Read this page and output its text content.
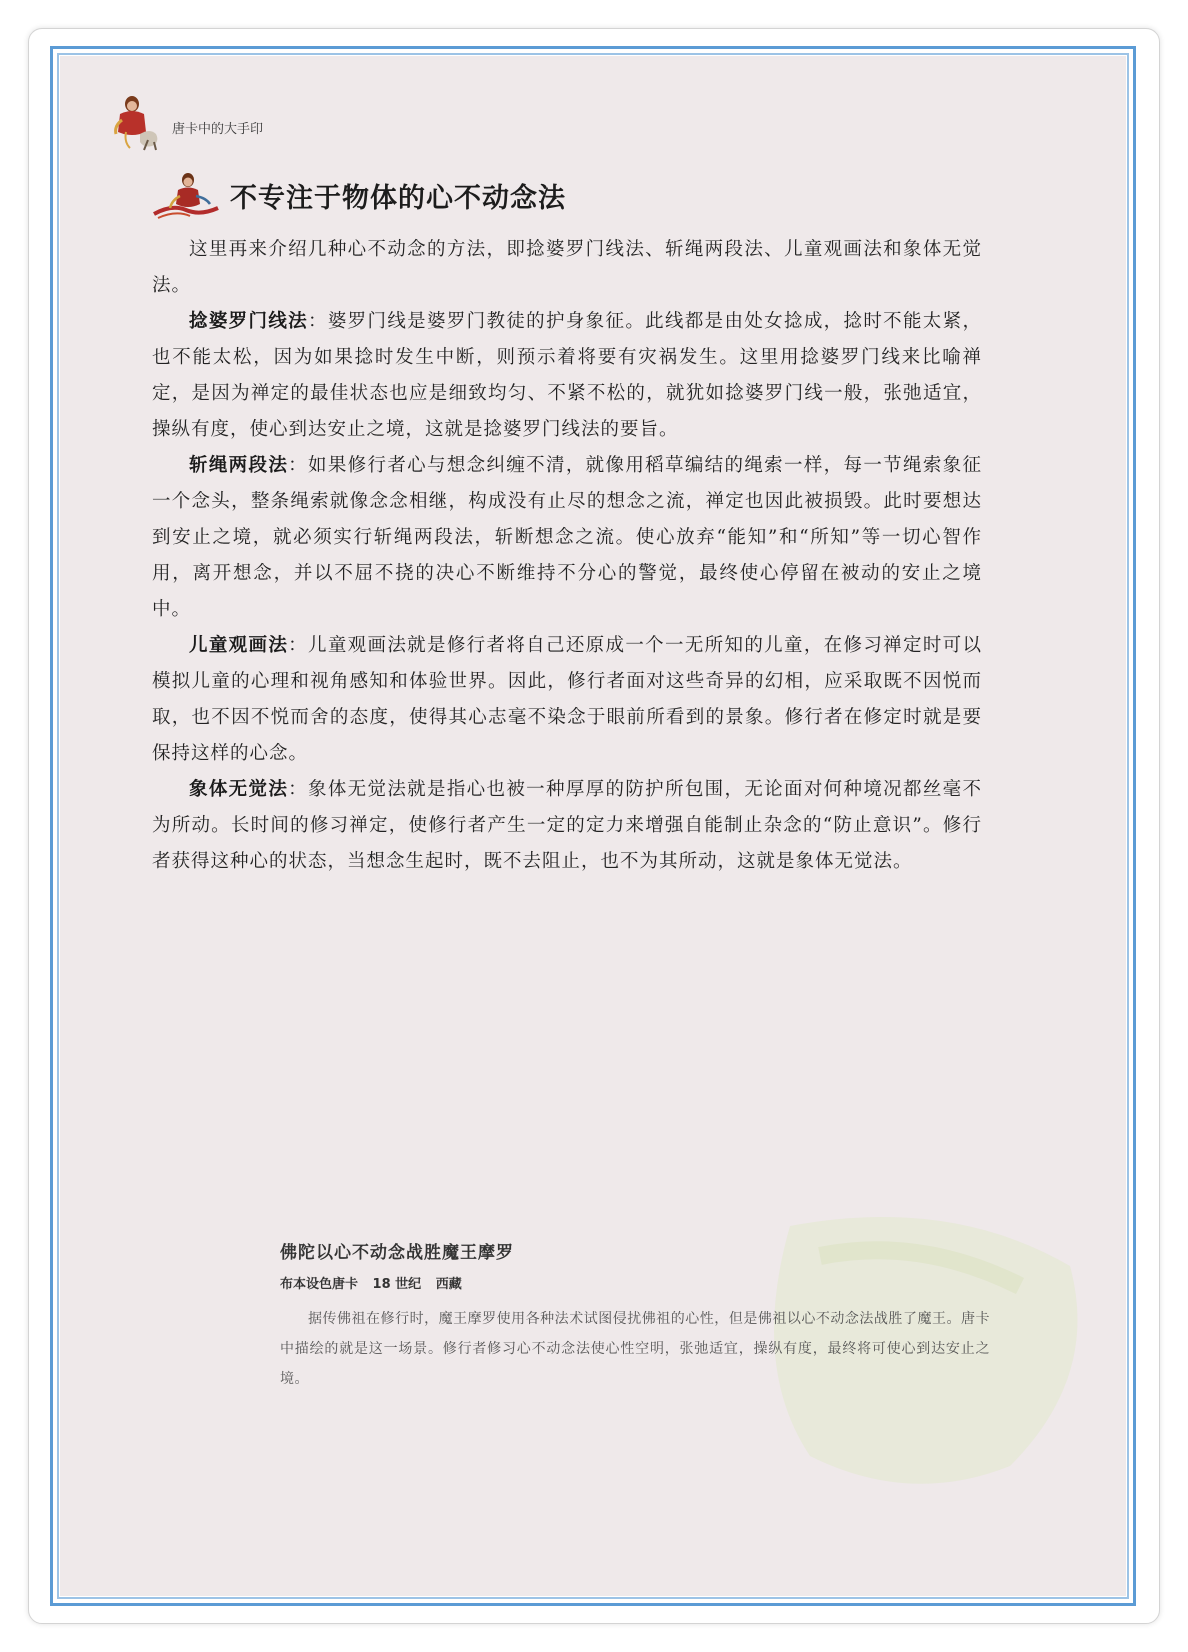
唐卡中的大手印
不专注于物体的心不动念法

这里再来介绍几种心不动念的方法，即捻婆罗门线法、斩绳两段法、儿童观画法和象体无觉法。

捻婆罗门线法：婆罗门线是婆罗门教徒的护身象征。此线都是由处女捻成，捻时不能太紧，也不能太松，因为如果捻时发生中断，则预示着将要有灾祸发生。这里用捻婆罗门线来比喻禅定，是因为禅定的最佳状态也应是细致均匀、不紧不松的，就犹如捻婆罗门线一般，张弛适宜，操纵有度，使心到达安止之境，这就是捻婆罗门线法的要旨。

斩绳两段法：如果修行者心与想念纠缠不清，就像用稻草编结的绳索一样，每一节绳索象征一个念头，整条绳索就像念念相继，构成没有止尽的想念之流，禅定也因此被损毁。此时要想达到安止之境，就必须实行斩绳两段法，斩断想念之流。使心放弃“能知”和“所知”等一切心智作用，离开想念，并以不屈不挠的决心不断维持不分心的警觉，最终使心停留在被动的安止之境中。

儿童观画法：儿童观画法就是修行者将自己还原成一个一无所知的儿童，在修习禅定时可以模拟儿童的心理和视角感知和体验世界。因此，修行者面对这些奇异的幻相，应采取既不因悦而取，也不因不悦而舍的态度，使得其心志毫不染念于眼前所看到的景象。修行者在修定时就是要保持这样的心念。

象体无觉法：象体无觉法就是指心也被一种厚厚的防护所包围，无论面对何种境况都丝毫不为所动。长时间的修习禅定，使修行者产生一定的定力来增强自能制止杂念的“防止意识”。修行者获得这种心的状态，当想念生起时，既不去阻止，也不为其所动，这就是象体无觉法。

佛陀以心不动念战胜魔王摩罗
布本设色唐卡 18 世纪 西藏
据传佛祖在修行时，魔王摩罗使用各种法术试图侵扰佛祖的心性，但是佛祖以心不动念法战胜了魔王。唐卡中描绘的就是这一场景。修行者修习心不动念法使心性空明，张弛适宜，操纵有度，最终将可使心到达安止之境。
